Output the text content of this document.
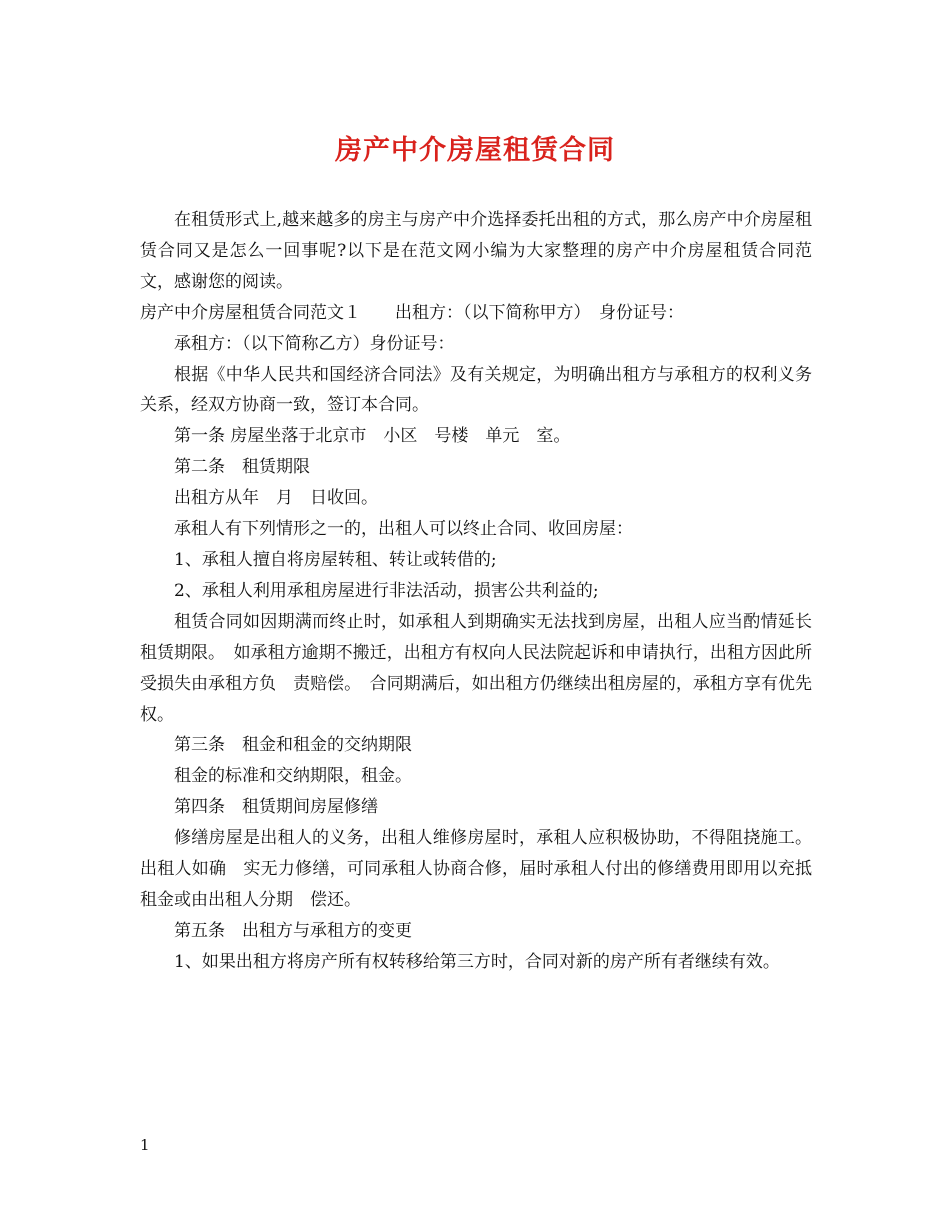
房产中介房屋租赁合同

在租赁形式上,越来越多的房主与房产中介选择委托出租的方式，那么房产中介房屋租赁合同又是怎么一回事呢?以下是在范文网小编为大家整理的房产中介房屋租赁合同范文，感谢您的阅读。

房产中介房屋租赁合同范文１　　出租方：（以下简称甲方）　身份证号：

承租方：（以下简称乙方）身份证号：

根据《中华人民共和国经济合同法》及有关规定，为明确出租方与承租方的权利义务关系，经双方协商一致，签订本合同。

第一条 房屋坐落于北京市　小区　号楼　单元　室。

第二条　租赁期限

出租方从年　月　日收回。

承租人有下列情形之一的，出租人可以终止合同、收回房屋：

1、承租人擅自将房屋转租、转让或转借的;

2、承租人利用承租房屋进行非法活动，损害公共利益的;

租赁合同如因期满而终止时，如承租人到期确实无法找到房屋，出租人应当酌情延长租赁期限。　如承租方逾期不搬迁，出租方有权向人民法院起诉和申请执行，出租方因此所受损失由承租方负　责赔偿。　合同期满后，如出租方仍继续出租房屋的，承租方享有优先权。

第三条　租金和租金的交纳期限

租金的标准和交纳期限，租金。

第四条　租赁期间房屋修缮

修缮房屋是出租人的义务，出租人维修房屋时，承租人应积极协助，不得阻挠施工。出租人如确　实无力修缮，可同承租人协商合修，届时承租人付出的修缮费用即用以充抵租金或由出租人分期　偿还。

第五条　出租方与承租方的变更

1、如果出租方将房产所有权转移给第三方时，合同对新的房产所有者继续有效。

1
